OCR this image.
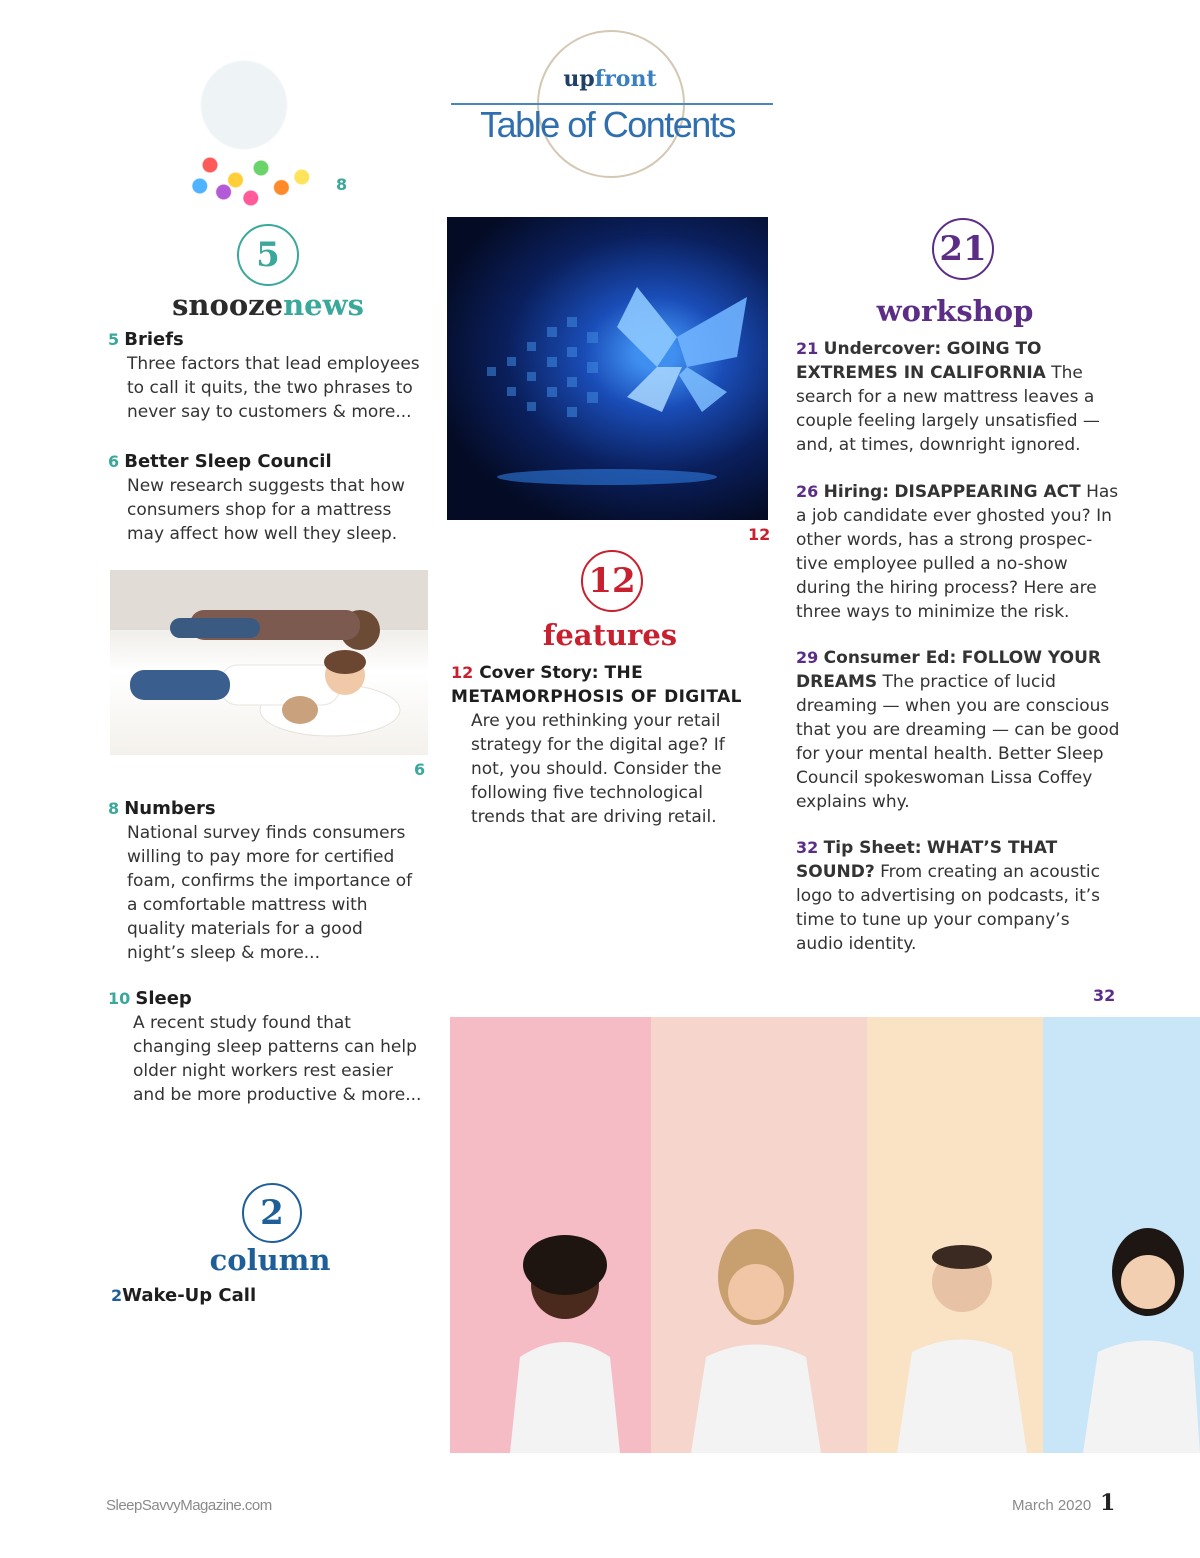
upfront
Table of Contents
8
5
snoozenews
5 Briefs
Three factors that lead employees to call it quits, the two phrases to never say to customers & more...
6 Better Sleep Council
New research suggests that how consumers shop for a mattress may affect how well they sleep.
6
8 Numbers
National survey finds consumers willing to pay more for certified foam, confirms the importance of a comfortable mattress with quality materials for a good night’s sleep & more...
10 Sleep
A recent study found that changing sleep patterns can help older night workers rest easier and be more productive & more...
12
12
features
12 Cover Story: THE METAMORPHOSIS OF DIGITAL
Are you rethinking your retail strategy for the digital age? If not, you should. Consider the following five technological trends that are driving retail.
21
workshop
21 Undercover: GOING TO EXTREMES IN CALIFORNIA The search for a new mattress leaves a couple feeling largely unsatisfied — and, at times, downright ignored.
26 Hiring: DISAPPEARING ACT Has a job candidate ever ghosted you? In other words, has a strong prospec-tive employee pulled a no-show during the hiring process? Here are three ways to minimize the risk.
29 Consumer Ed: FOLLOW YOUR DREAMS The practice of lucid dreaming — when you are conscious that you are dreaming — can be good for your mental health. Better Sleep Council spokeswoman Lissa Coffey explains why.
32 Tip Sheet: WHAT’S THAT SOUND? From creating an acoustic logo to advertising on podcasts, it’s time to tune up your company’s audio identity.
32
2
column
2Wake-Up Call
SleepSavvyMagazine.com	March 2020 1
